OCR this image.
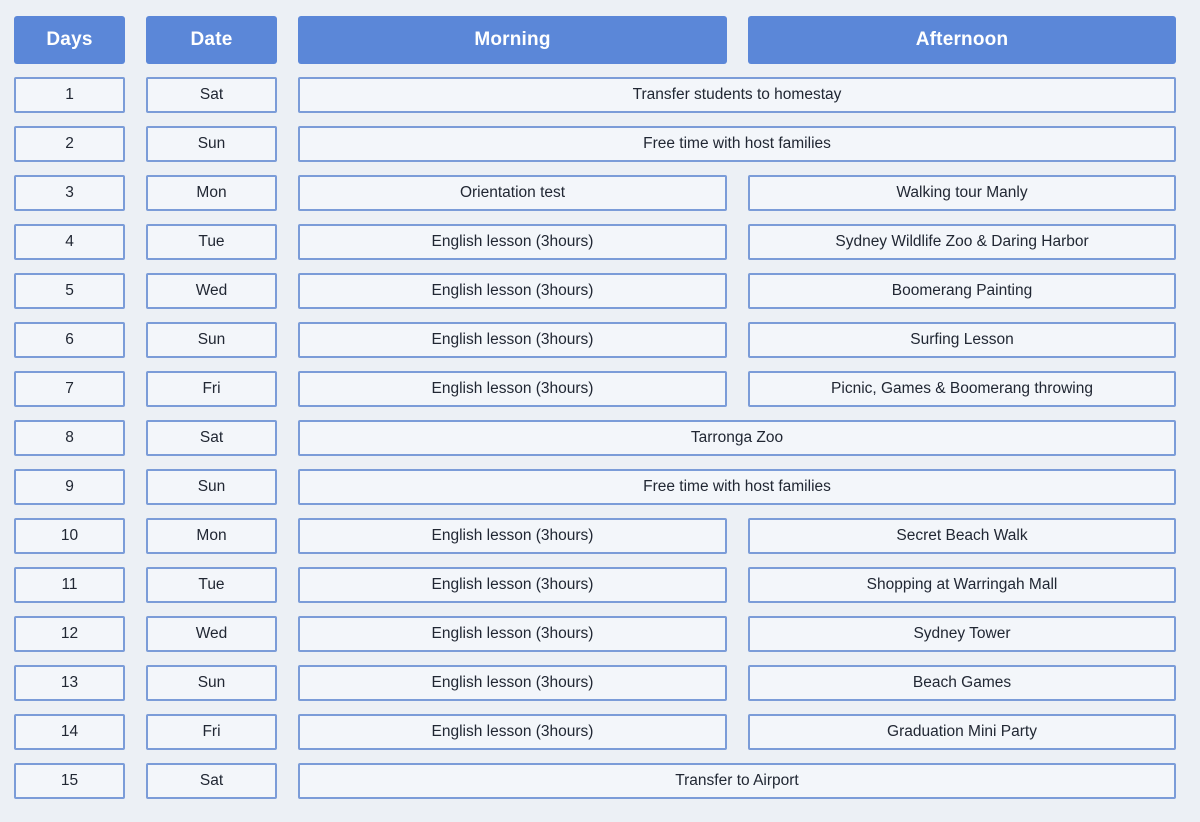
Days	Date	Morning	Afternoon
1	Sat	Transfer students to homestay
2	Sun	Free time with host families
3	Mon	Orientation test	Walking tour Manly
4	Tue	English lesson (3hours)	Sydney Wildlife Zoo & Daring Harbor
5	Wed	English lesson (3hours)	Boomerang Painting
6	Sun	English lesson (3hours)	Surfing Lesson
7	Fri	English lesson (3hours)	Picnic, Games & Boomerang throwing
8	Sat	Tarronga Zoo
9	Sun	Free time with host families
10	Mon	English lesson (3hours)	Secret Beach Walk
11	Tue	English lesson (3hours)	Shopping at Warringah Mall
12	Wed	English lesson (3hours)	Sydney Tower
13	Sun	English lesson (3hours)	Beach Games
14	Fri	English lesson (3hours)	Graduation Mini Party
15	Sat	Transfer to Airport
